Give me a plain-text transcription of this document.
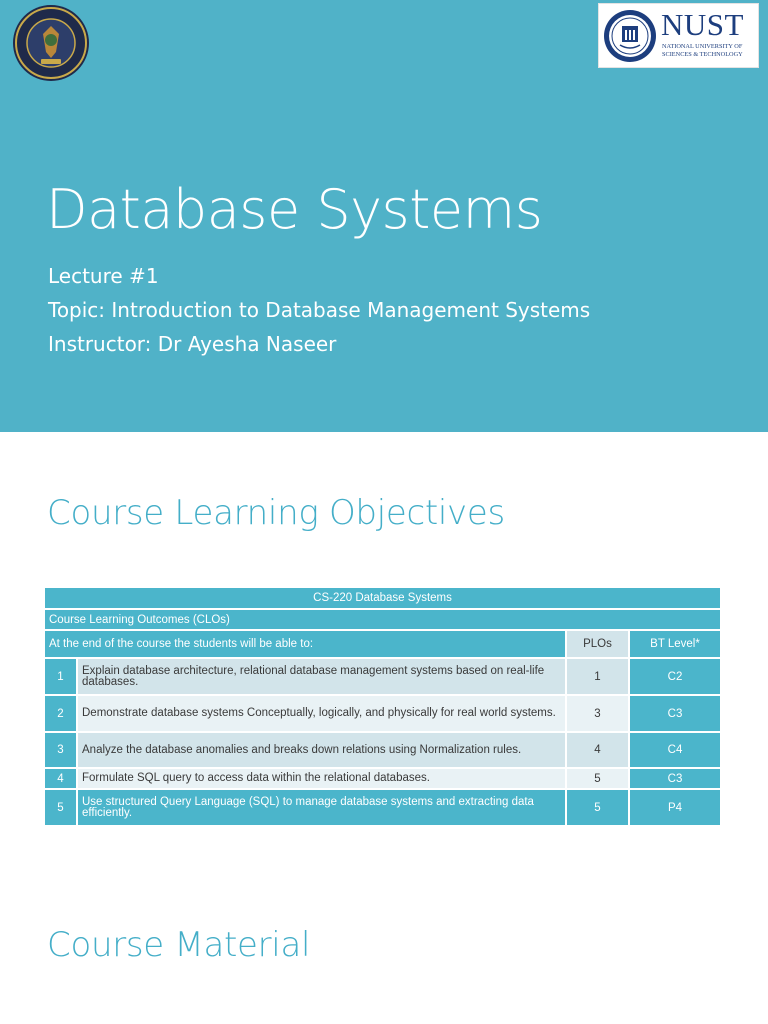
NUST
NATIONAL UNIVERSITY OF SCIENCES & TECHNOLOGY
Database Systems
Lecture #1
Topic: Introduction to Database Management Systems
Instructor: Dr Ayesha Naseer
Course Learning Objectives
CS-220 Database Systems			
Course Learning Outcomes (CLOs)			
At the end of the course the students will be able to:		PLOs	BT Level*
1	Explain database architecture, relational database management systems based on real-life databases.	1	C2
2	Demonstrate database systems Conceptually, logically, and physically for real world systems.	3	C3
3	Analyze the database anomalies and breaks down relations using Normalization rules.	4	C4
4	Formulate SQL query to access data within the relational databases.	5	C3
5	Use structured Query Language (SQL) to manage database systems and extracting data efficiently.	5	P4
Course Material
